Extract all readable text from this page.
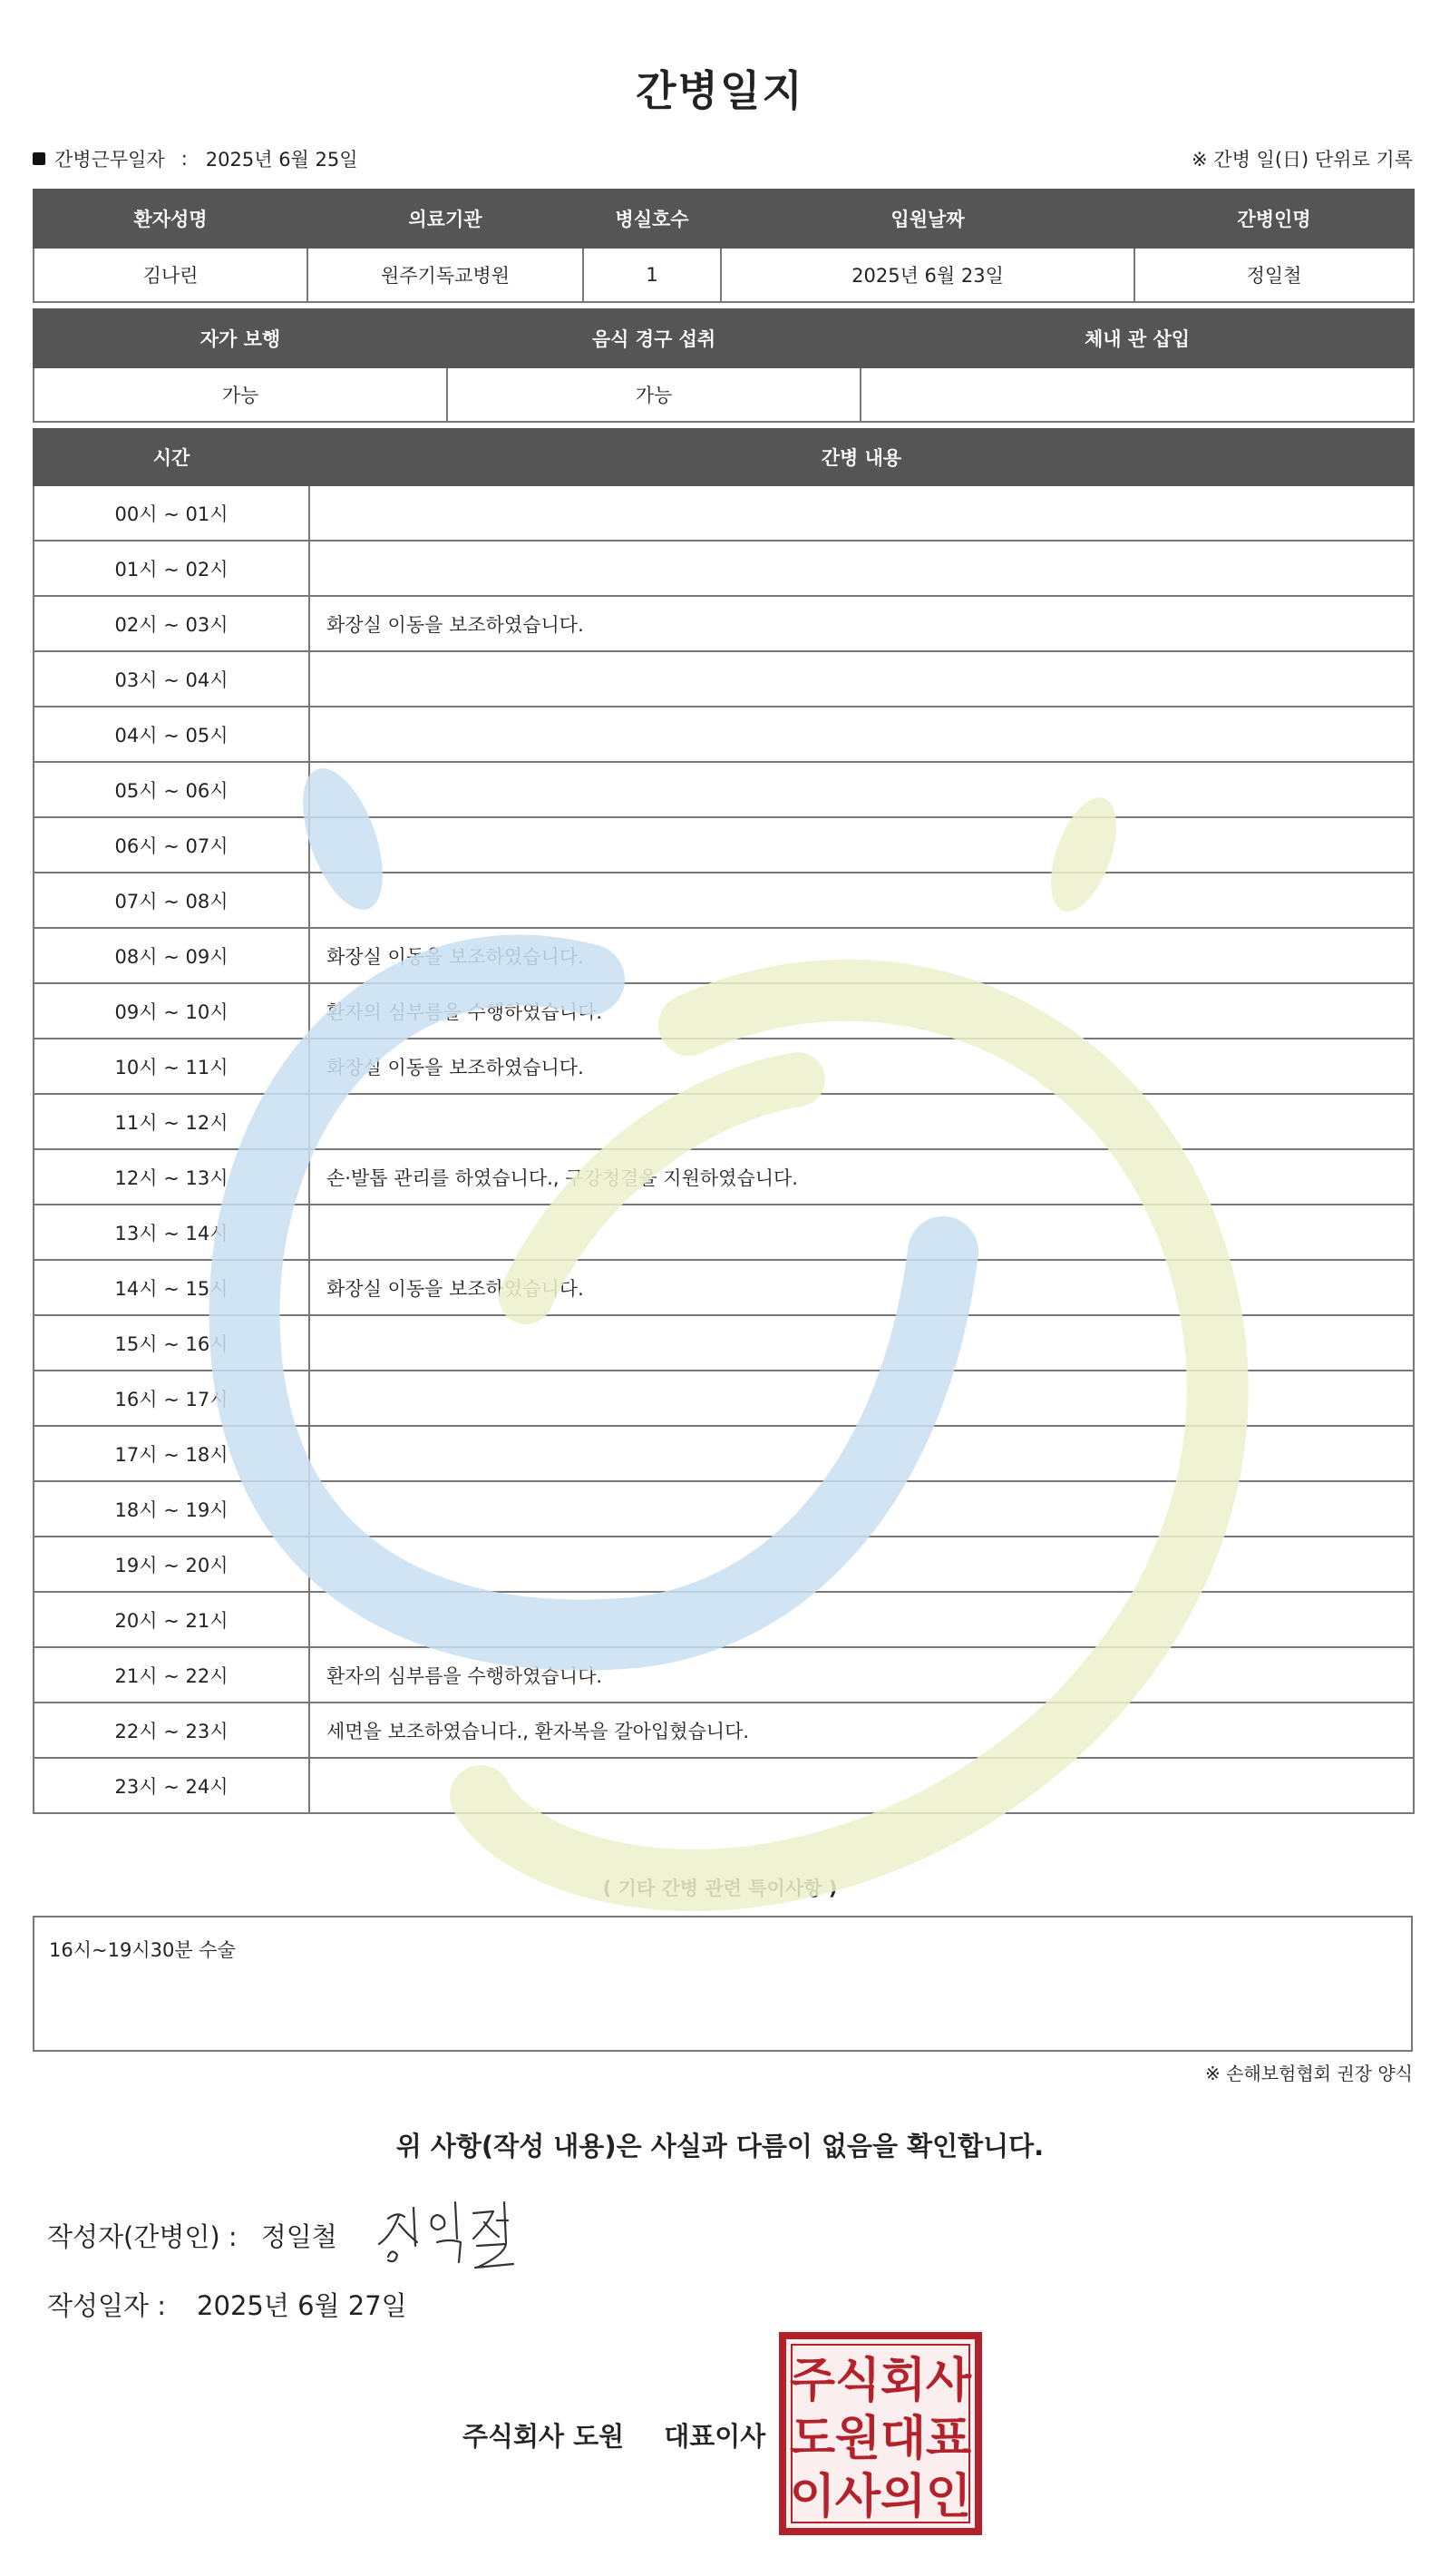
간병일지
간병근무일자 : 2025년 6월 25일	※ 간병 일(日) 단위로 기록
환자성명	의료기관	병실호수	입원날짜	간병인명
김나린	원주기독교병원	1	2025년 6월 23일	정일철
자가 보행	음식 경구 섭취	체내 관 삽입
가능	가능	
시간	간병 내용
00시 ~ 01시	
01시 ~ 02시	
02시 ~ 03시	화장실 이동을 보조하였습니다.
03시 ~ 04시	
04시 ~ 05시	
05시 ~ 06시	
06시 ~ 07시	
07시 ~ 08시	
08시 ~ 09시	화장실 이동을 보조하였습니다.
09시 ~ 10시	환자의 심부름을 수행하였습니다.
10시 ~ 11시	화장실 이동을 보조하였습니다.
11시 ~ 12시	
12시 ~ 13시	손·발톱 관리를 하였습니다., 구강청결을 지원하였습니다.
13시 ~ 14시	
14시 ~ 15시	화장실 이동을 보조하였습니다.
15시 ~ 16시	
16시 ~ 17시	
17시 ~ 18시	
18시 ~ 19시	
19시 ~ 20시	
20시 ~ 21시	
21시 ~ 22시	환자의 심부름을 수행하였습니다.
22시 ~ 23시	세면을 보조하였습니다., 환자복을 갈아입혔습니다.
23시 ~ 24시	
( 기타 간병 관련 특이사항 )
16시~19시30분 수술
※ 손해보험협회 권장 양식
위 사항(작성 내용)은 사실과 다름이 없음을 확인합니다.
작성자(간병인) : 정일철
작성일자 : 2025년 6월 27일
주식회사 도원 대표이사
주 식 회 사
도 원 대 표
이 사 의 인
